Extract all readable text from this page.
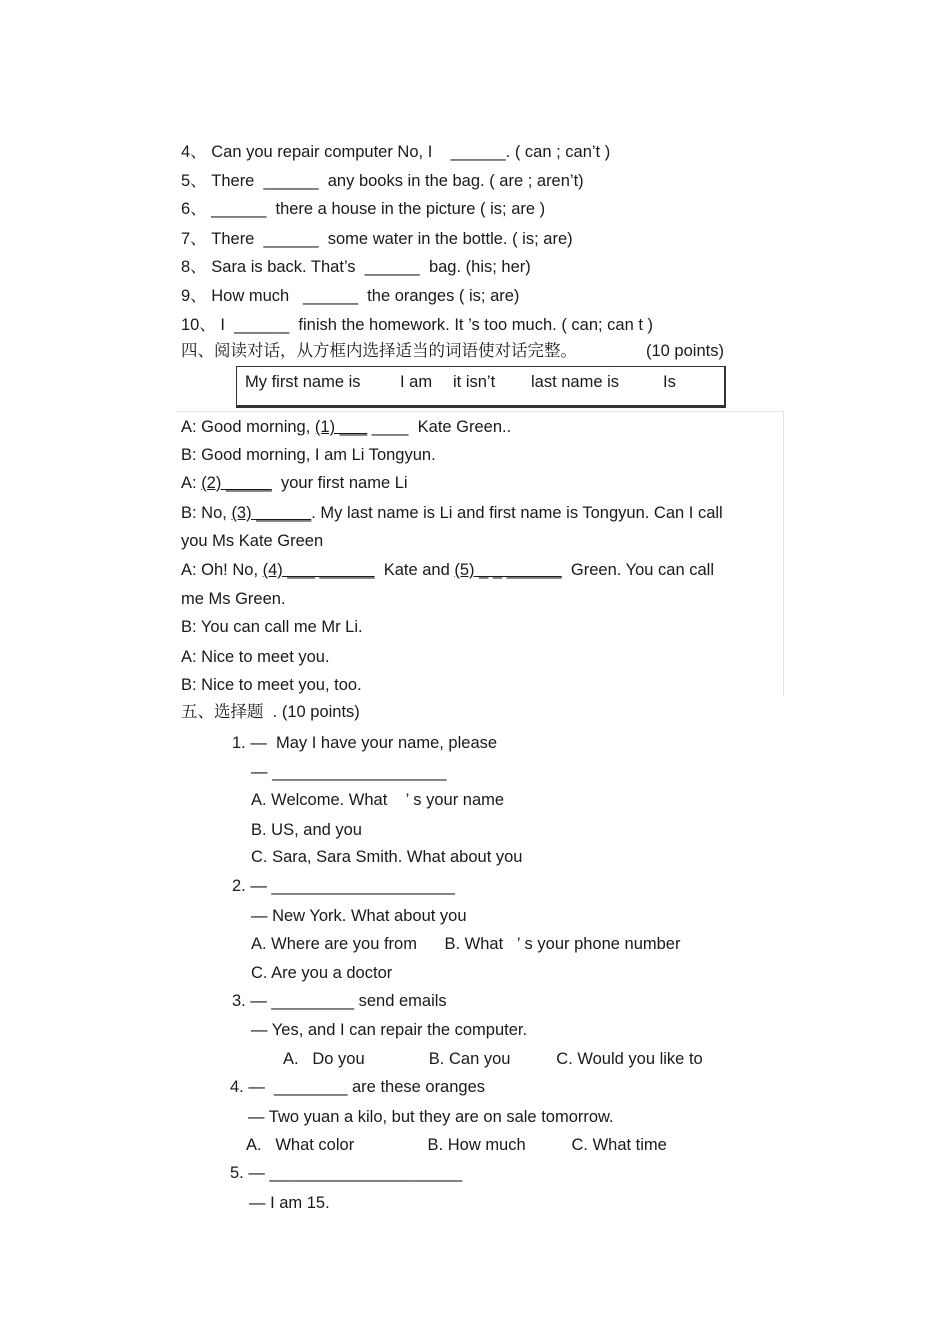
4、 Can you repair computer No, I    ______. ( can ; can’t )
5、 There  ______  any books in the bag. ( are ; aren’t)
6、 ______  there a house in the picture ( is; are )
7、 There  ______  some water in the bottle. ( is; are)
8、 Sara is back. That’s  ______  bag. (his; her)
9、 How much   ______  the oranges ( is; are)
10、 I  ______  finish the homework. It ’s too much. ( can; can t )
四、阅读对话，从方框内选择适当的词语使对话完整。	(10 points)
My first name is I am it isn’t last name is	Is
A: Good morning, (1) ___ ____  Kate Green..
B: Good morning, I am Li Tongyun.
A: (2) _____  your first name Li
B: No, (3) ______. My last name is Li and first name is Tongyun. Can I call
you Ms Kate Green
A: Oh! No, (4) ___ ______  Kate and (5) _ _ ______  Green. You can call
me Ms Green.
B: You can call me Mr Li.
A: Nice to meet you.
B: Nice to meet you, too.
五、选择题  . (10 points)
1. —  May I have your name, please
— ___________________
A. Welcome. What    ’ s your name
B. US, and you
C. Sara, Sara Smith. What about you
2. — ____________________
— New York. What about you
A. Where are you from      B. What   ’ s your phone number
C. Are you a doctor
3. — _________ send emails
— Yes, and I can repair the computer.
A.   Do you              B. Can you          C. Would you like to
4. —  ________ are these oranges
— Two yuan a kilo, but they are on sale tomorrow.
A.   What color                B. How much          C. What time
5. — _____________________
— I am 15.
